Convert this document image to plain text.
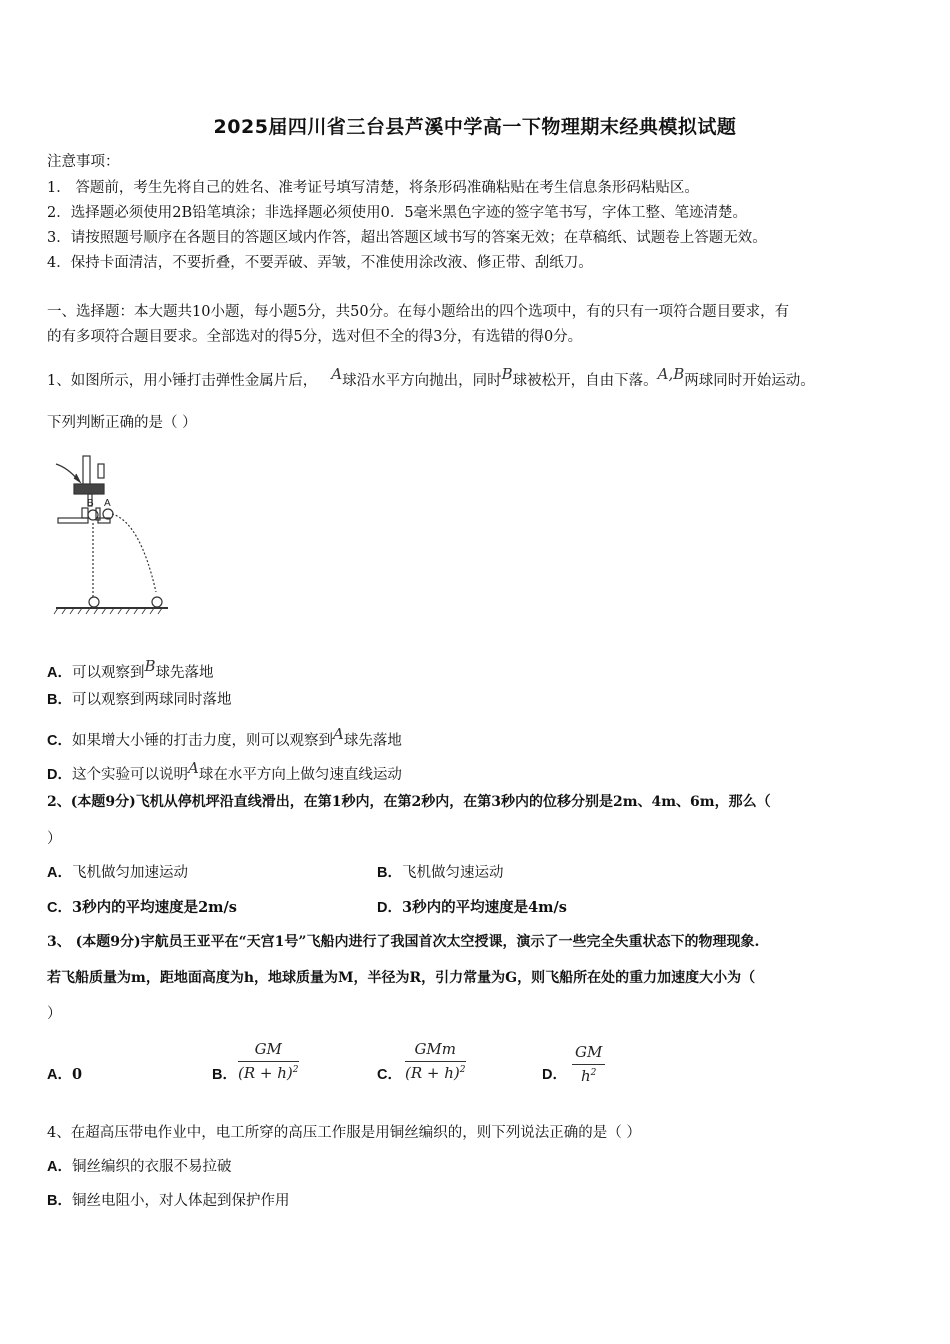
2025届四川省三台县芦溪中学高一下物理期末经典模拟试题
注意事项：
1． 答题前，考生先将自己的姓名、准考证号填写清楚，将条形码准确粘贴在考生信息条形码粘贴区。
2．选择题必须使用2B铅笔填涂；非选择题必须使用0．5毫米黑色字迹的签字笔书写，字体工整、笔迹清楚。
3．请按照题号顺序在各题目的答题区域内作答，超出答题区域书写的答案无效；在草稿纸、试题卷上答题无效。
4．保持卡面清洁，不要折叠，不要弄破、弄皱，不准使用涂改液、修正带、刮纸刀。
一、选择题：本大题共10小题，每小题5分，共50分。在每小题给出的四个选项中，有的只有一项符合题目要求，有
的有多项符合题目要求。全部选对的得5分，选对但不全的得3分，有选错的得0分。
1、如图所示，用小锤打击弹性金属片后， A球沿水平方向抛出，同时B球被松开，自由下落。A,B两球同时开始运动。
下列判断正确的是（ ）
B A
A．可以观察到B球先落地
B．可以观察到两球同时落地
C．如果增大小锤的打击力度，则可以观察到A球先落地
D．这个实验可以说明A球在水平方向上做匀速直线运动
2、(本题9分)飞机从停机坪沿直线滑出，在第1秒内，在第2秒内，在第3秒内的位移分别是2m、4m、6m，那么（
）
A．飞机做匀加速运动	B．飞机做匀速运动
C．3秒内的平均速度是2m/s	D．3秒内的平均速度是4m/s
3、 (本题9分)宇航员王亚平在“天宫1号”飞船内进行了我国首次太空授课，演示了一些完全失重状态下的物理现象.
若飞船质量为m，距地面高度为h，地球质量为M，半径为R，引力常量为G，则飞船所在处的重力加速度大小为（
）
A．0	B． $\frac{GM}{(R + h)^2}$	C．
GMm
$(R + h)^2$	D． $\frac{GM}{h^2}$
4、在超高压带电作业中，电工所穿的高压工作服是用铜丝编织的，则下列说法正确的是（ ）
A．铜丝编织的衣服不易拉破
B．铜丝电阻小，对人体起到保护作用
